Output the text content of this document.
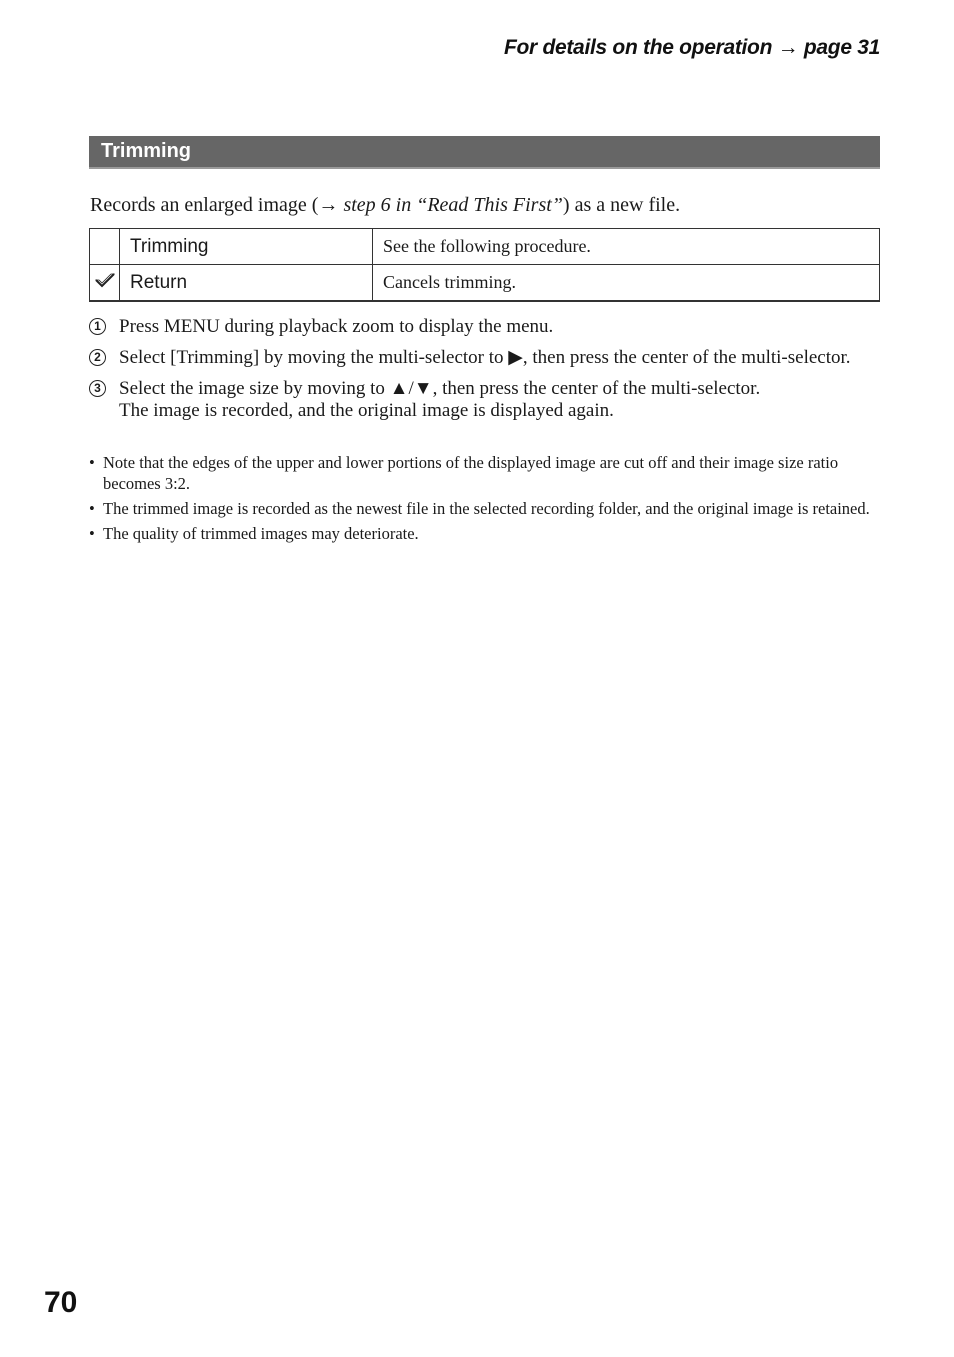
For details on the operation → page 31
Trimming
Records an enlarged image (→ step 6 in “Read This First”) as a new file.
	Trimming	See the following procedure.
	Return	Cancels trimming.
1 Press MENU during playback zoom to display the menu.
2 Select [Trimming] by moving the multi-selector to ▶, then press the center of the multi-selector.
3 Select the image size by moving to ▲/▼, then press the center of the multi-selector.
The image is recorded, and the original image is displayed again.
• Note that the edges of the upper and lower portions of the displayed image are cut off and their image size ratio becomes 3:2.
• The trimmed image is recorded as the newest file in the selected recording folder, and the original image is retained.
• The quality of trimmed images may deteriorate.
70
